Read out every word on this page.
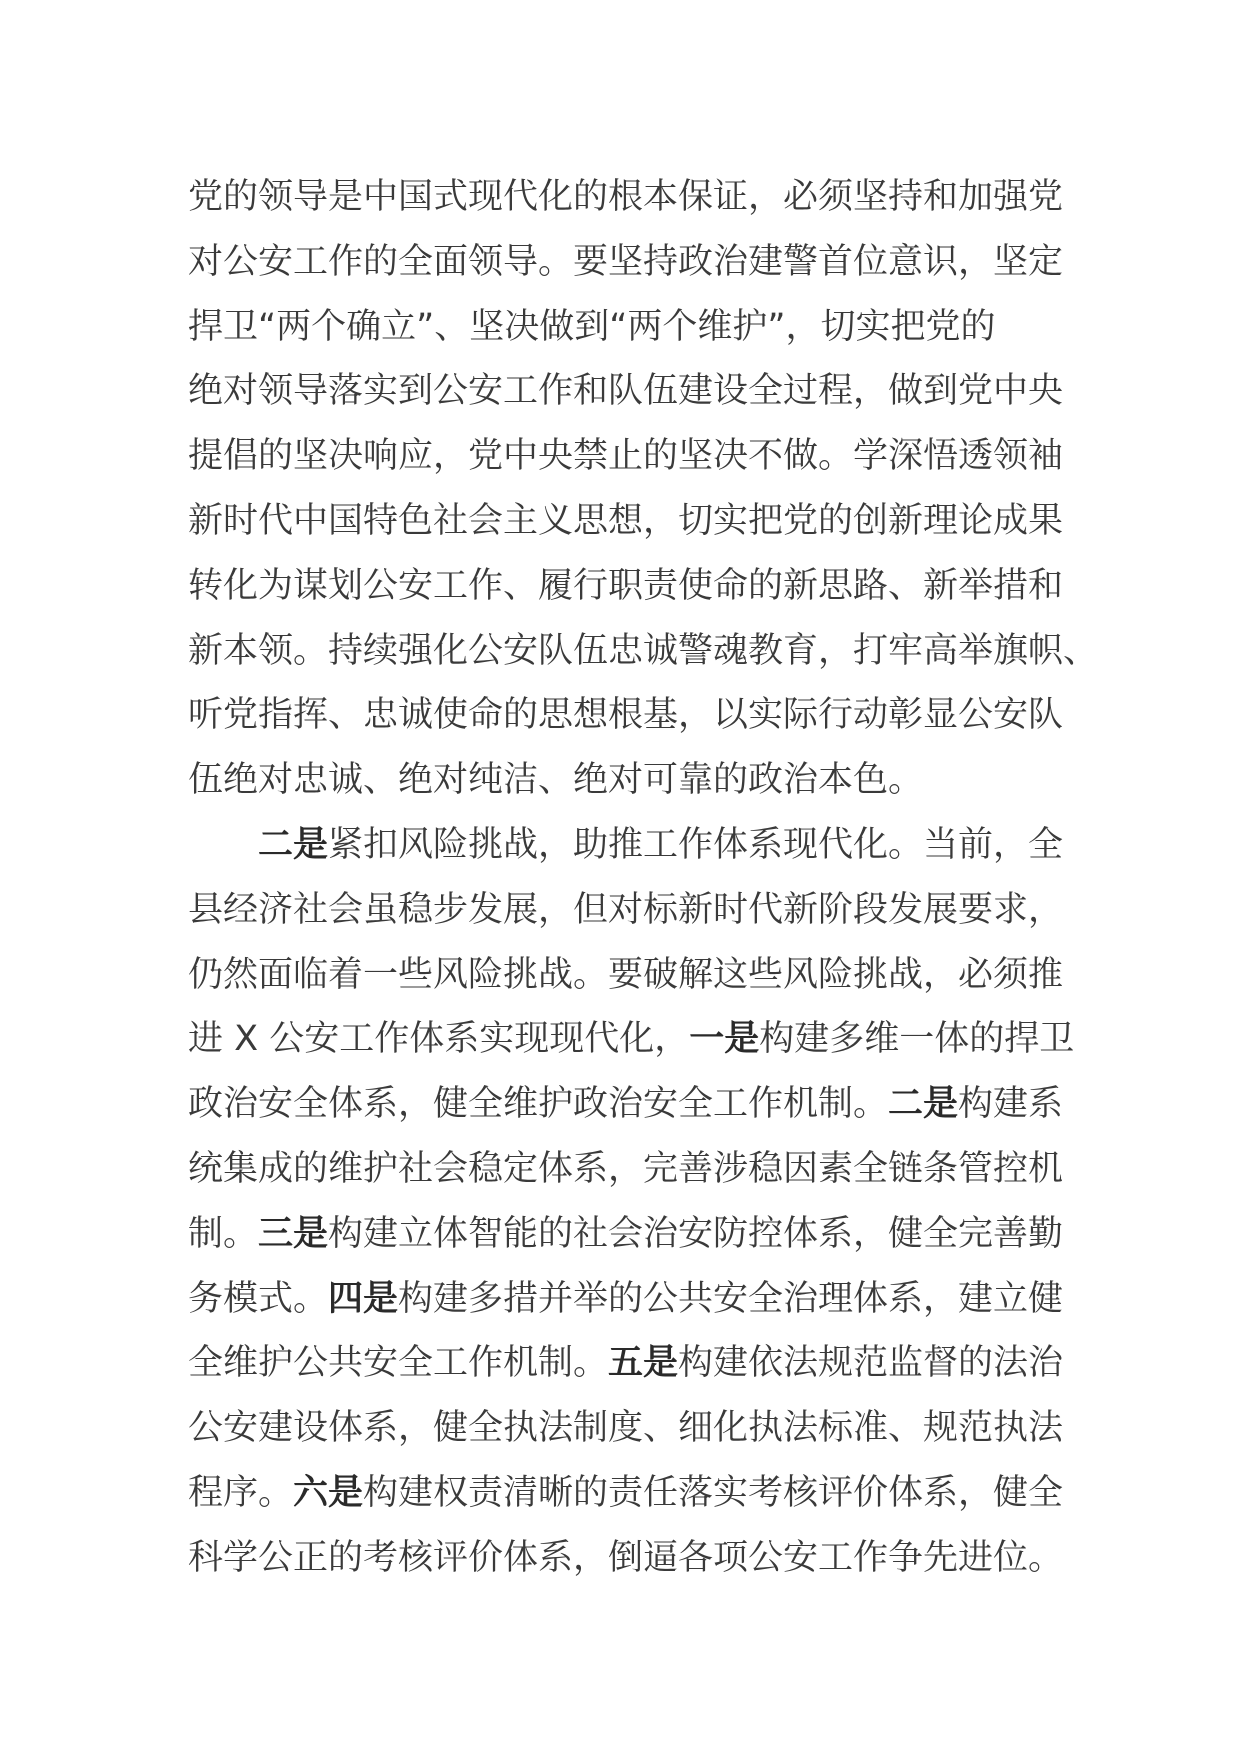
党的领导是中国式现代化的根本保证，必须坚持和加强党
对公安工作的全面领导。要坚持政治建警首位意识，坚定
捍卫“两个确立”、坚决做到“两个维护”，切实把党的
绝对领导落实到公安工作和队伍建设全过程，做到党中央
提倡的坚决响应，党中央禁止的坚决不做。学深悟透领袖
新时代中国特色社会主义思想，切实把党的创新理论成果
转化为谋划公安工作、履行职责使命的新思路、新举措和
新本领。持续强化公安队伍忠诚警魂教育，打牢高举旗帜、
听党指挥、忠诚使命的思想根基，以实际行动彰显公安队
伍绝对忠诚、绝对纯洁、绝对可靠的政治本色。
二是紧扣风险挑战，助推工作体系现代化。当前，全
县经济社会虽稳步发展，但对标新时代新阶段发展要求，
仍然面临着一些风险挑战。要破解这些风险挑战，必须推
进 X 公安工作体系实现现代化，一是构建多维一体的捍卫
政治安全体系，健全维护政治安全工作机制。二是构建系
统集成的维护社会稳定体系，完善涉稳因素全链条管控机
制。三是构建立体智能的社会治安防控体系，健全完善勤
务模式。四是构建多措并举的公共安全治理体系，建立健
全维护公共安全工作机制。五是构建依法规范监督的法治
公安建设体系，健全执法制度、细化执法标准、规范执法
程序。六是构建权责清晰的责任落实考核评价体系，健全
科学公正的考核评价体系，倒逼各项公安工作争先进位。
